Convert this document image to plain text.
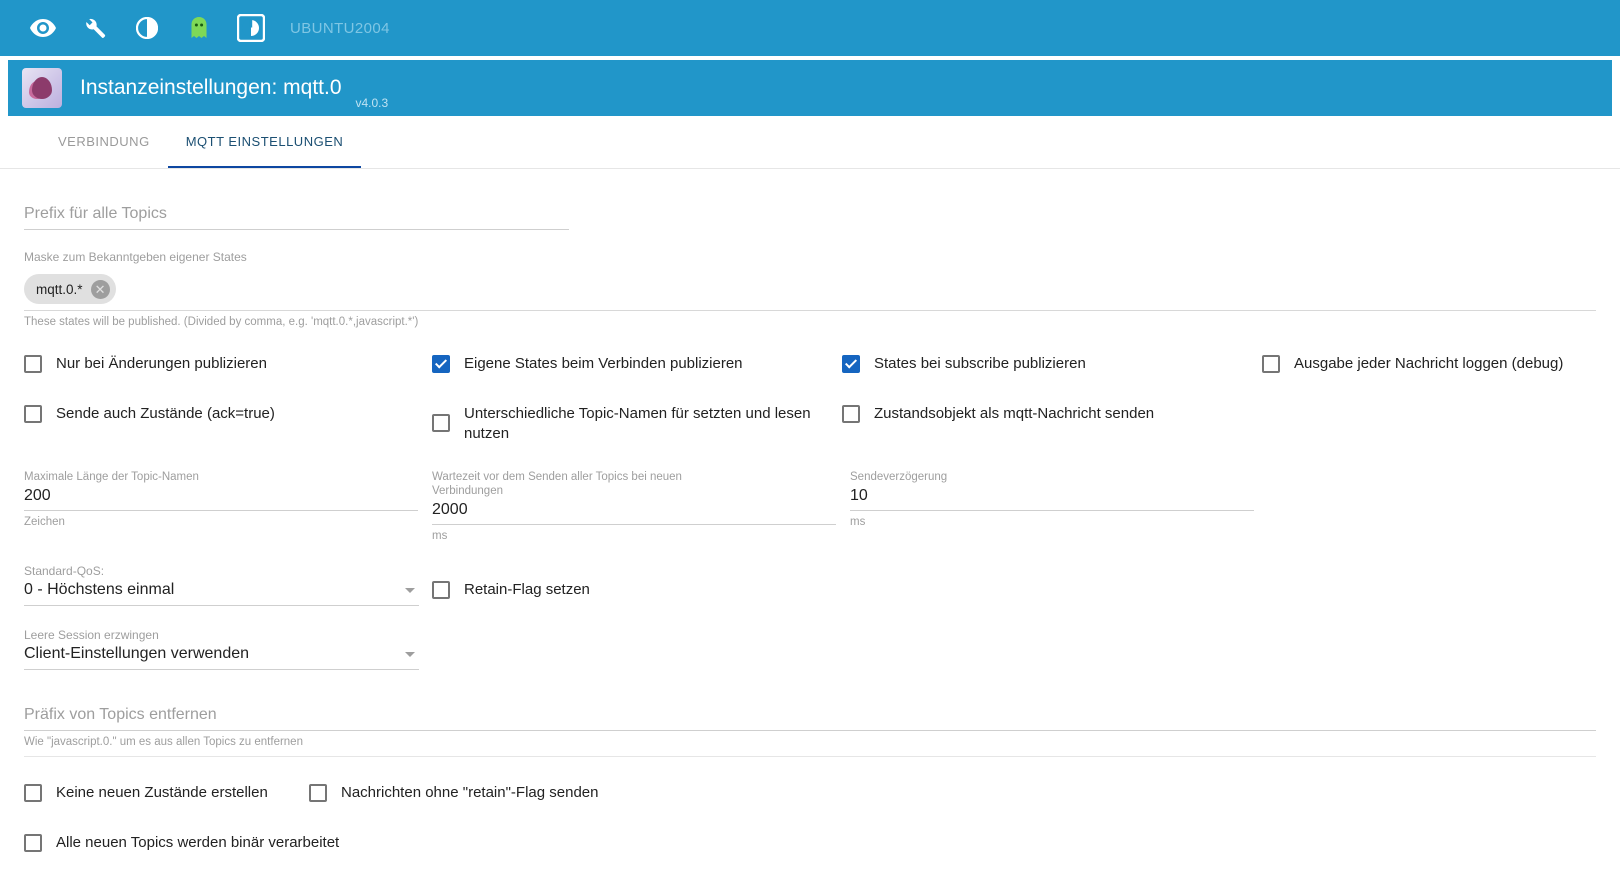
UBUNTU2004
Instanzeinstellungen: mqtt.0
v4.0.3
VERBINDUNG	MQTT EINSTELLUNGEN
Prefix für alle Topics
Maske zum Bekanntgeben eigener States
mqtt.0.* ✕
These states will be published. (Divided by comma, e.g. 'mqtt.0.*,javascript.*')
Nur bei Änderungen publizieren	Eigene States beim Verbinden publizieren	States bei subscribe publizieren	Ausgabe jeder Nachricht loggen (debug)
Sende auch Zustände (ack=true)	Unterschiedliche Topic-Namen für setzten und lesen nutzen
Zustandsobjekt als mqtt-Nachricht senden
Maximale Länge der Topic-Namen
200
Zeichen
Wartezeit vor dem Senden aller Topics bei neuen Verbindungen
2000
ms
Sendeverzögerung
10
ms
Standard-QoS:
0 - Höchstens einmal	Retain-Flag setzen
Leere Session erzwingen
Client-Einstellungen verwenden
Präfix von Topics entfernen
Wie "javascript.0." um es aus allen Topics zu entfernen
Keine neuen Zustände erstellen	Nachrichten ohne "retain"-Flag senden
Alle neuen Topics werden binär verarbeitet
